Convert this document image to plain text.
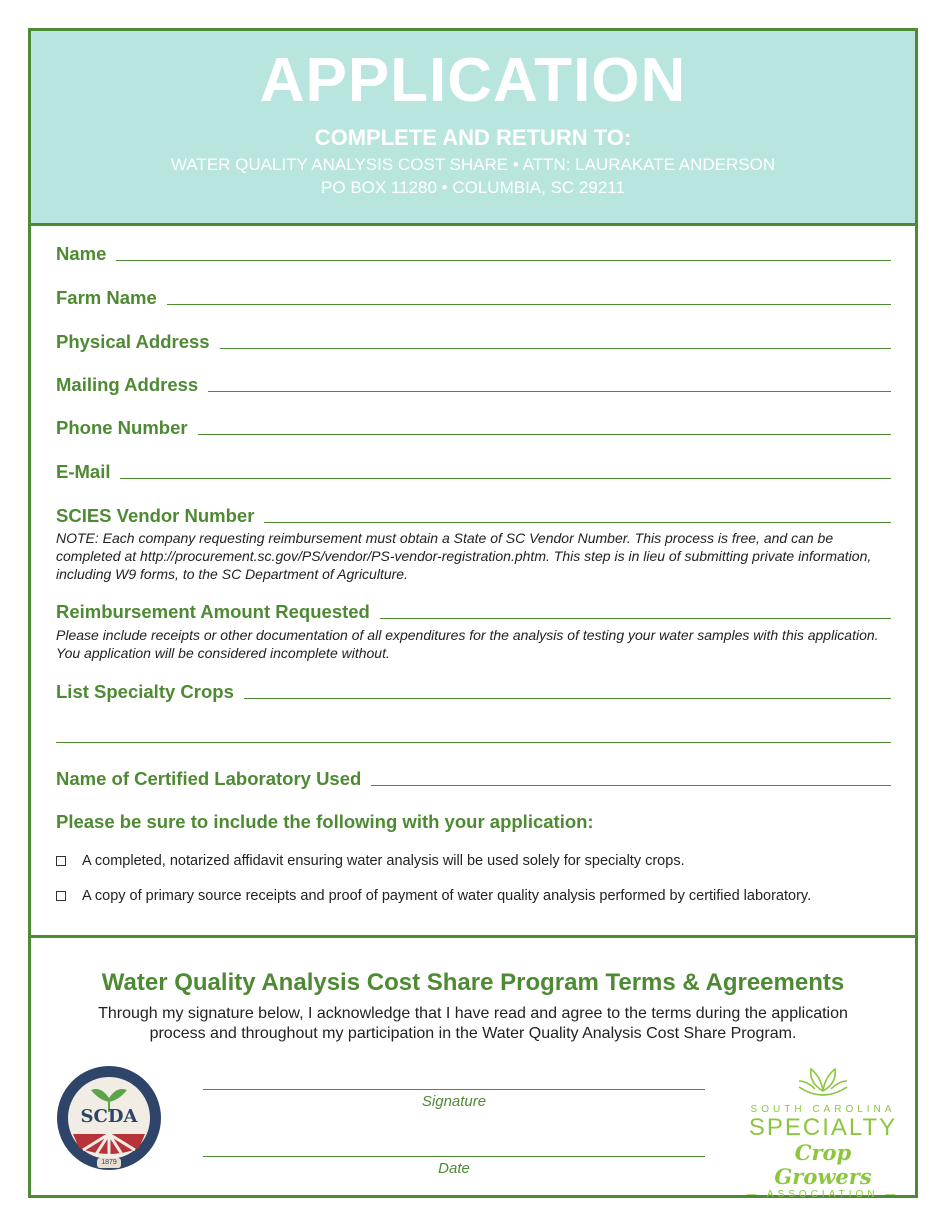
APPLICATION
COMPLETE AND RETURN TO:
WATER QUALITY ANALYSIS COST SHARE • ATTN: LAURAKATE ANDERSON
PO BOX 11280 • COLUMBIA, SC 29211
Name
Farm Name
Physical Address
Mailing Address
Phone Number
E-Mail
SCIES Vendor Number
NOTE: Each company requesting reimbursement must obtain a State of SC Vendor Number. This process is free, and can be completed at http://procurement.sc.gov/PS/vendor/PS-vendor-registration.phtm. This step is in lieu of submitting private information, including W9 forms, to the SC Department of Agriculture.
Reimbursement Amount Requested
Please include receipts or other documentation of all expenditures for the analysis of testing your water samples with this application. You application will be considered incomplete without.
List Specialty Crops
Name of Certified Laboratory Used
Please be sure to include the following with your application:
A completed, notarized affidavit ensuring water analysis will be used solely for specialty crops.
A copy of primary source receipts and proof of payment of water quality analysis performed by certified laboratory.
Water Quality Analysis Cost Share Program Terms & Agreements
Through my signature below, I acknowledge that I have read and agree to the terms during the application process and throughout my participation in the Water Quality Analysis Cost Share Program.
SCDA
1879
Signature
Date
SOUTH CAROLINA
SPECIALTY
Crop Growers
— ASSOCIATION —
